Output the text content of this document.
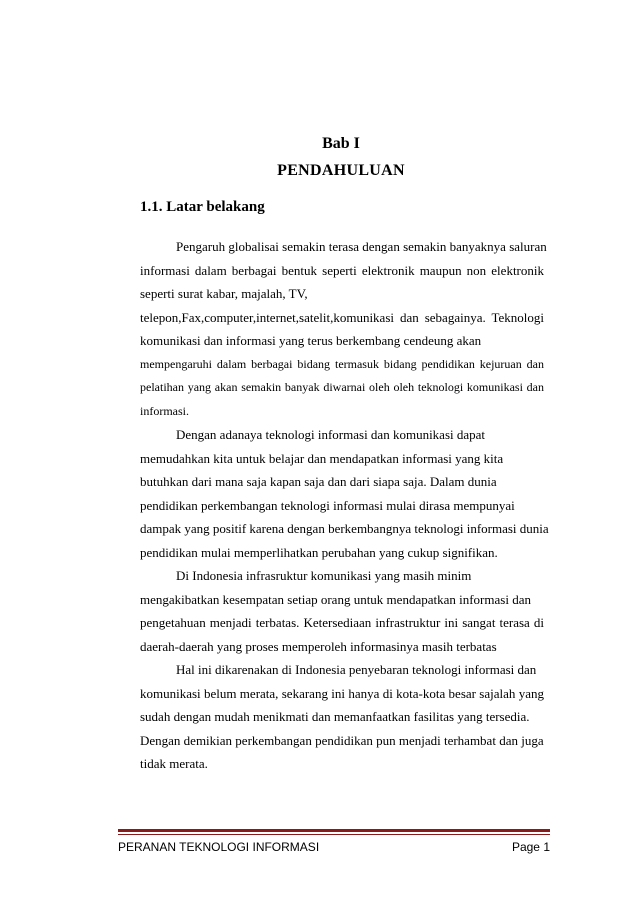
Bab I
PENDAHULUAN
1.1. Latar belakang
Pengaruh globalisai semakin terasa dengan semakin banyaknya saluran
informasi dalam berbagai bentuk seperti elektronik maupun non elektronik
seperti surat kabar, majalah, TV,
telepon,Fax,computer,internet,satelit,komunikasi dan sebagainya. Teknologi
komunikasi dan informasi yang terus berkembang cendeung akan
mempengaruhi dalam berbagai bidang termasuk bidang pendidikan kejuruan dan
pelatihan yang akan semakin banyak diwarnai oleh oleh teknologi komunikasi dan
informasi.
Dengan adanaya teknologi informasi dan komunikasi dapat
memudahkan kita untuk belajar dan mendapatkan informasi yang kita
butuhkan dari mana saja kapan saja dan dari siapa saja. Dalam dunia
pendidikan perkembangan teknologi informasi mulai dirasa mempunyai
dampak yang positif karena dengan berkembangnya teknologi informasi dunia
pendidikan mulai memperlihatkan perubahan yang cukup signifikan.
Di Indonesia infrasruktur komunikasi yang masih minim
mengakibatkan kesempatan setiap orang untuk mendapatkan informasi dan
pengetahuan menjadi terbatas. Ketersediaan infrastruktur ini sangat terasa di
daerah-daerah yang proses memperoleh informasinya masih terbatas
Hal ini dikarenakan di Indonesia penyebaran teknologi informasi dan
komunikasi belum merata, sekarang ini hanya di kota-kota besar sajalah yang
sudah dengan mudah menikmati dan memanfaatkan fasilitas yang tersedia.
Dengan demikian perkembangan pendidikan pun menjadi terhambat dan juga
tidak merata.
PERANAN TEKNOLOGI INFORMASI	Page 1
